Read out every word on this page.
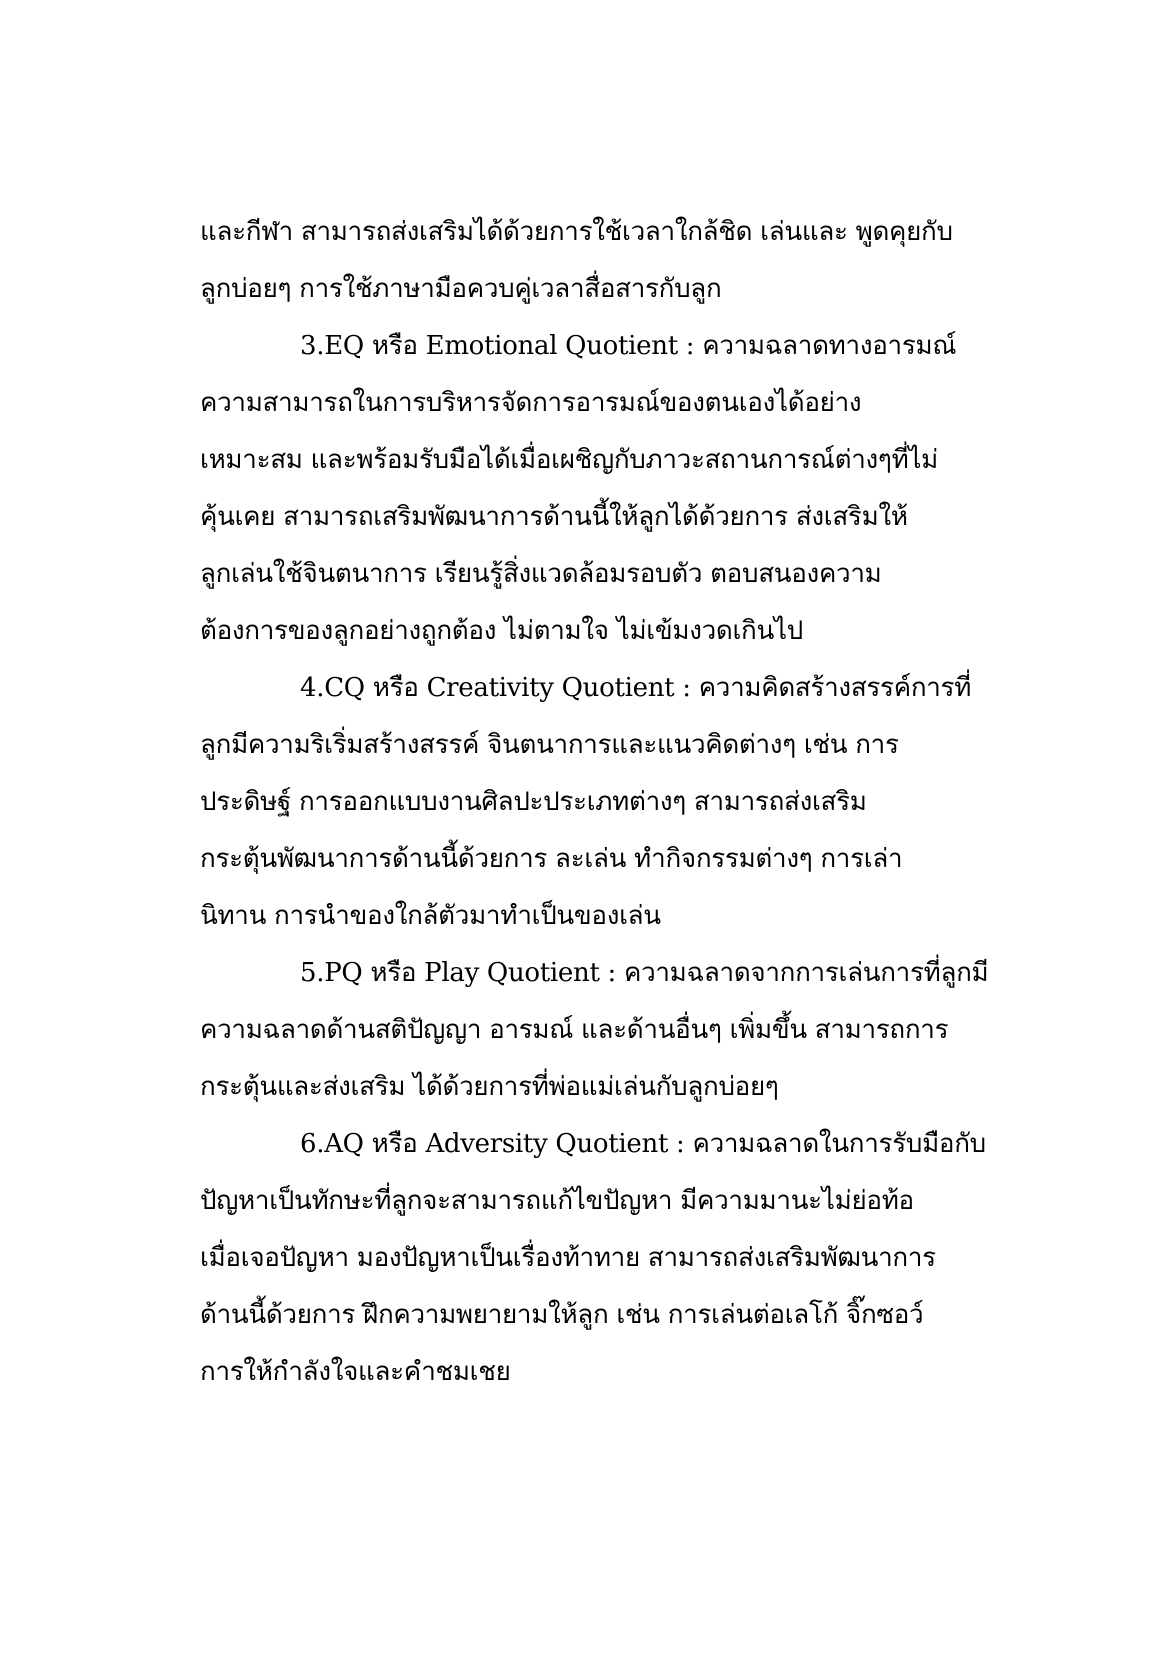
และกีฬา สามารถส่งเสริมได้ด้วยการใช้เวลาใกล้ชิด เล่นและ พูดคุยกับ
ลูกบ่อยๆ การใช้ภาษามือควบคู่เวลาสื่อสารกับลูก
3.EQ หรือ Emotional Quotient : ความฉลาดทางอารมณ์
ความสามารถในการบริหารจัดการอารมณ์ของตนเองได้อย่าง
เหมาะสม และพร้อมรับมือได้เมื่อเผชิญกับภาวะสถานการณ์ต่างๆที่ไม่
คุ้นเคย สามารถเสริมพัฒนาการด้านนี้ให้ลูกได้ด้วยการ ส่งเสริมให้
ลูกเล่นใช้จินตนาการ เรียนรู้สิ่งแวดล้อมรอบตัว ตอบสนองความ
ต้องการของลูกอย่างถูกต้อง ไม่ตามใจ ไม่เข้มงวดเกินไป
4.CQ หรือ Creativity Quotient : ความคิดสร้างสรรค์การที่
ลูกมีความริเริ่มสร้างสรรค์ จินตนาการและแนวคิดต่างๆ เช่น การ
ประดิษฐ์ การออกแบบงานศิลปะประเภทต่างๆ สามารถส่งเสริม
กระตุ้นพัฒนาการด้านนี้ด้วยการ ละเล่น ทำกิจกรรมต่างๆ การเล่า
นิทาน การนำของใกล้ตัวมาทำเป็นของเล่น
5.PQ หรือ Play Quotient : ความฉลาดจากการเล่นการที่ลูกมี
ความฉลาดด้านสติปัญญา อารมณ์ และด้านอื่นๆ เพิ่มขึ้น สามารถการ
กระตุ้นและส่งเสริม ได้ด้วยการที่พ่อแม่เล่นกับลูกบ่อยๆ
6.AQ หรือ Adversity Quotient : ความฉลาดในการรับมือกับ
ปัญหาเป็นทักษะที่ลูกจะสามารถแก้ไขปัญหา มีความมานะไม่ย่อท้อ
เมื่อเจอปัญหา มองปัญหาเป็นเรื่องท้าทาย สามารถส่งเสริมพัฒนาการ
ด้านนี้ด้วยการ ฝึกความพยายามให้ลูก เช่น การเล่นต่อเลโก้ จิ๊กซอว์
การให้กำลังใจและคำชมเชย
